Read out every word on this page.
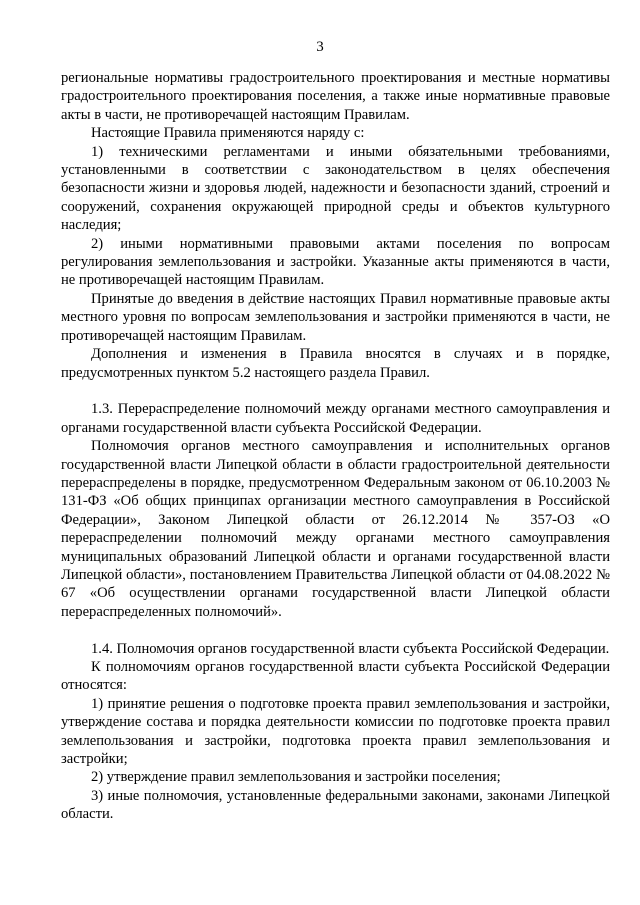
3

региональные нормативы градостроительного проектирования и местные нормативы градостроительного проектирования поселения, а также иные нормативные правовые акты в части, не противоречащей настоящим Правилам.

Настоящие Правила применяются наряду с:

1) техническими регламентами и иными обязательными требованиями, установленными в соответствии с законодательством в целях обеспечения безопасности жизни и здоровья людей, надежности и безопасности зданий, строений и сооружений, сохранения окружающей природной среды и объектов культурного наследия;

2) иными нормативными правовыми актами поселения по вопросам регулирования землепользования и застройки. Указанные акты применяются в части, не противоречащей настоящим Правилам.

Принятые до введения в действие настоящих Правил нормативные правовые акты местного уровня по вопросам землепользования и застройки применяются в части, не противоречащей настоящим Правилам.

Дополнения и изменения в Правила вносятся в случаях и в порядке, предусмотренных пунктом 5.2 настоящего раздела Правил.

1.3. Перераспределение полномочий между органами местного самоуправления и органами государственной власти субъекта Российской Федерации.

Полномочия органов местного самоуправления и исполнительных органов государственной власти Липецкой области в области градостроительной деятельности перераспределены в порядке, предусмотренном Федеральным законом от 06.10.2003 № 131-ФЗ «Об общих принципах организации местного самоуправления в Российской Федерации», Законом Липецкой области от 26.12.2014 № 357-ОЗ «О перераспределении полномочий между органами местного самоуправления муниципальных образований Липецкой области и органами государственной власти Липецкой области», постановлением Правительства Липецкой области от 04.08.2022 № 67 «Об осуществлении органами государственной власти Липецкой области перераспределенных полномочий».

1.4. Полномочия органов государственной власти субъекта Российской Федерации.

К полномочиям органов государственной власти субъекта Российской Федерации относятся:

1) принятие решения о подготовке проекта правил землепользования и застройки, утверждение состава и порядка деятельности комиссии по подготовке проекта правил землепользования и застройки, подготовка проекта правил землепользования и застройки;

2) утверждение правил землепользования и застройки поселения;

3) иные полномочия, установленные федеральными законами, законами Липецкой области.
